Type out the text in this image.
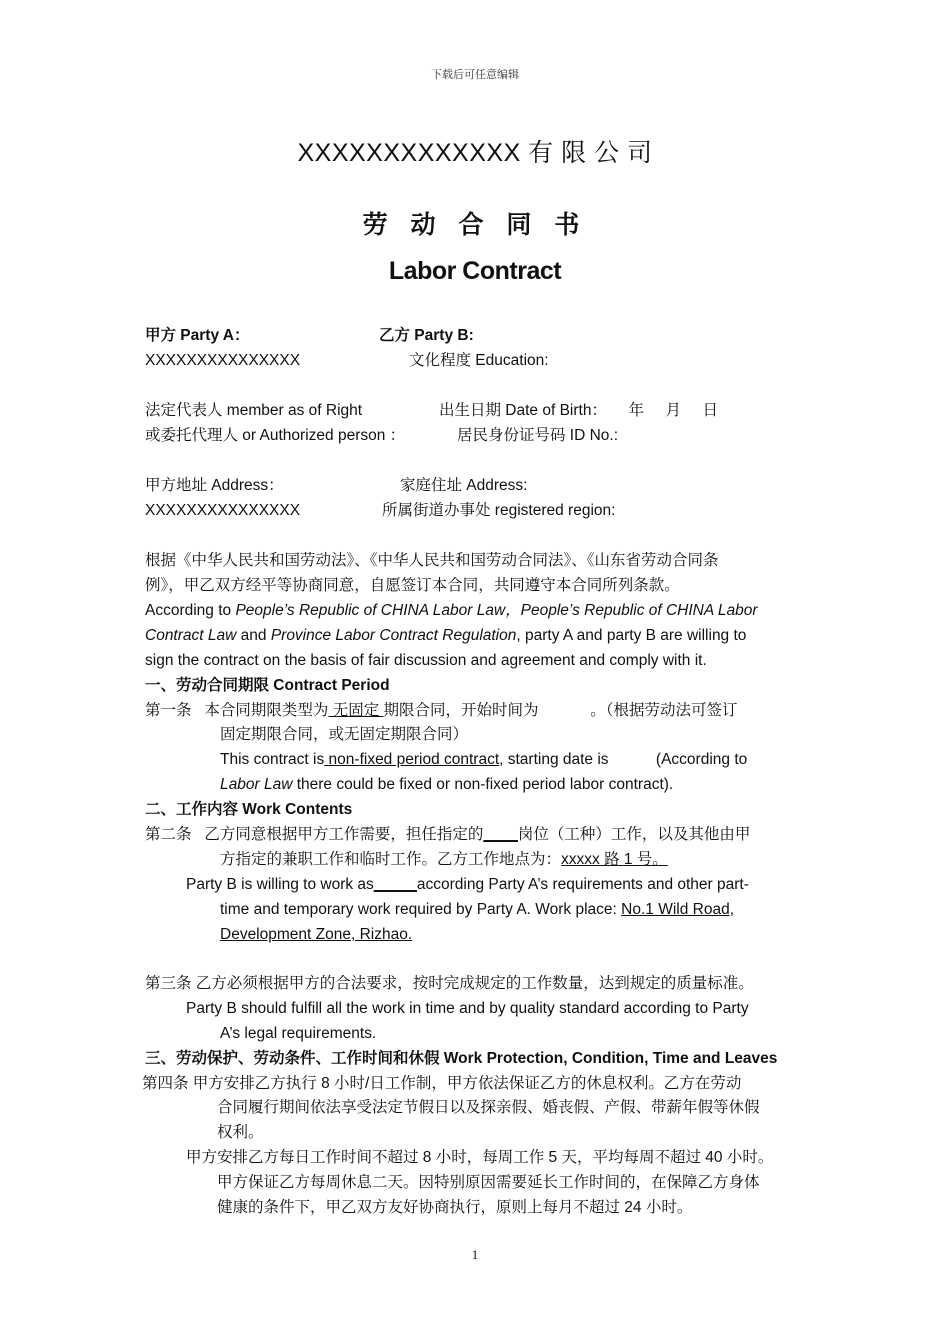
下载后可任意编辑
XXXXXXXXXXXXX 有 限 公 司
劳 动 合 同 书
Labor Contract
甲方 Party A：	乙方 Party B:
XXXXXXXXXXXXXXX	文化程度 Education:
法定代表人 member as of Right	出生日期 Date of Birth：     年     月     日
或委托代理人 or Authorized person ：	居民身份证号码 ID No.:
甲方地址 Address：	家庭住址 Address:
XXXXXXXXXXXXXXX	所属街道办事处 registered region:
根据《中华人民共和国劳动法》、《中华人民共和国劳动合同法》、《山东省劳动合同条
例》，甲乙双方经平等协商同意，自愿签订本合同，共同遵守本合同所列条款。
According to People’s Republic of CHINA Labor Law，People’s Republic of CHINA Labor
Contract Law and Province Labor Contract Regulation, party A and party B are willing to
sign the contract on the basis of fair discussion and agreement and comply with it.
一、劳动合同期限 Contract Period
第一条   本合同期限类型为 无固定 期限合同，开始时间为            。（根据劳动法可签订
固定期限合同，或无固定期限合同）
This contract is non-fixed period contract, starting date is           (According to
Labor Law there could be fixed or non-fixed period labor contract).
二、工作内容 Work Contents
第二条   乙方同意根据甲方工作需要，担任指定的____岗位（工种）工作，以及其他由甲
方指定的兼职工作和临时工作。乙方工作地点为：xxxxx 路 1 号。
Party B is willing to work as_____according Party A’s requirements and other part-
time and temporary work required by Party A. Work place: No.1 Wild Road,
Development Zone, Rizhao.
第三条 乙方必须根据甲方的合法要求，按时完成规定的工作数量，达到规定的质量标准。
Party B should fulfill all the work in time and by quality standard according to Party
A’s legal requirements.
三、劳动保护、劳动条件、工作时间和休假 Work Protection, Condition, Time and Leaves
第四条 甲方安排乙方执行 8 小时/日工作制，甲方依法保证乙方的休息权利。乙方在劳动
合同履行期间依法享受法定节假日以及探亲假、婚丧假、产假、带薪年假等休假
权利。
甲方安排乙方每日工作时间不超过 8 小时，每周工作 5 天，平均每周不超过 40 小时。
甲方保证乙方每周休息二天。因特别原因需要延长工作时间的，在保障乙方身体
健康的条件下，甲乙双方友好协商执行，原则上每月不超过 24 小时。
1
